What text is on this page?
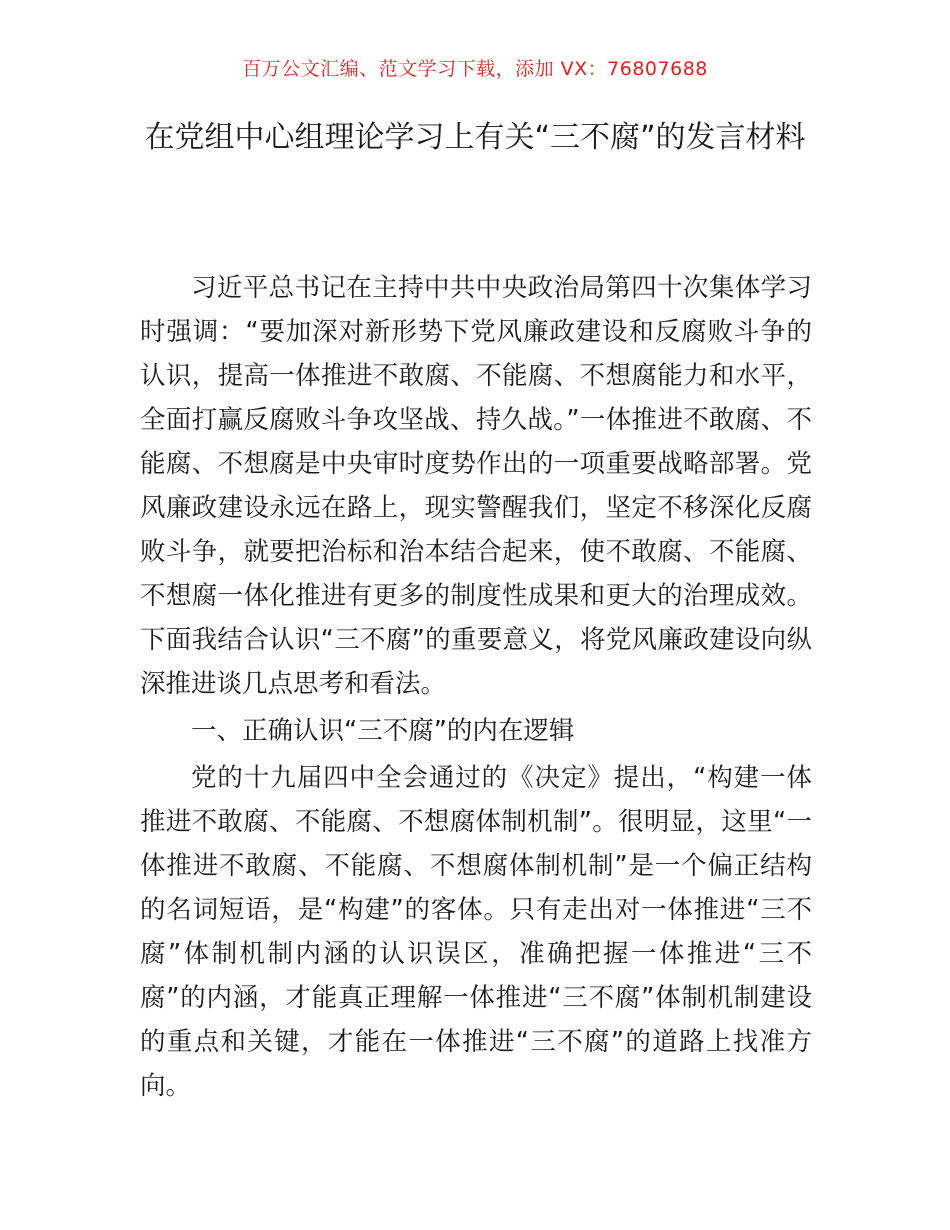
百万公文汇编、范文学习下载，添加 VX：76807688
在党组中心组理论学习上有关“三不腐”的发言材料

习近平总书记在主持中共中央政治局第四十次集体学习时强调：“要加深对新形势下党风廉政建设和反腐败斗争的认识，提高一体推进不敢腐、不能腐、不想腐能力和水平，全面打赢反腐败斗争攻坚战、持久战。”一体推进不敢腐、不能腐、不想腐是中央审时度势作出的一项重要战略部署。党风廉政建设永远在路上，现实警醒我们，坚定不移深化反腐败斗争，就要把治标和治本结合起来，使不敢腐、不能腐、不想腐一体化推进有更多的制度性成果和更大的治理成效。下面我结合认识“三不腐”的重要意义，将党风廉政建设向纵深推进谈几点思考和看法。

一、正确认识“三不腐”的内在逻辑

党的十九届四中全会通过的《决定》提出，“构建一体推进不敢腐、不能腐、不想腐体制机制”。很明显，这里“一体推进不敢腐、不能腐、不想腐体制机制”是一个偏正结构的名词短语，是“构建”的客体。只有走出对一体推进“三不腐”体制机制内涵的认识误区，准确把握一体推进“三不腐”的内涵，才能真正理解一体推进“三不腐”体制机制建设的重点和关键，才能在一体推进“三不腐”的道路上找准方向。
